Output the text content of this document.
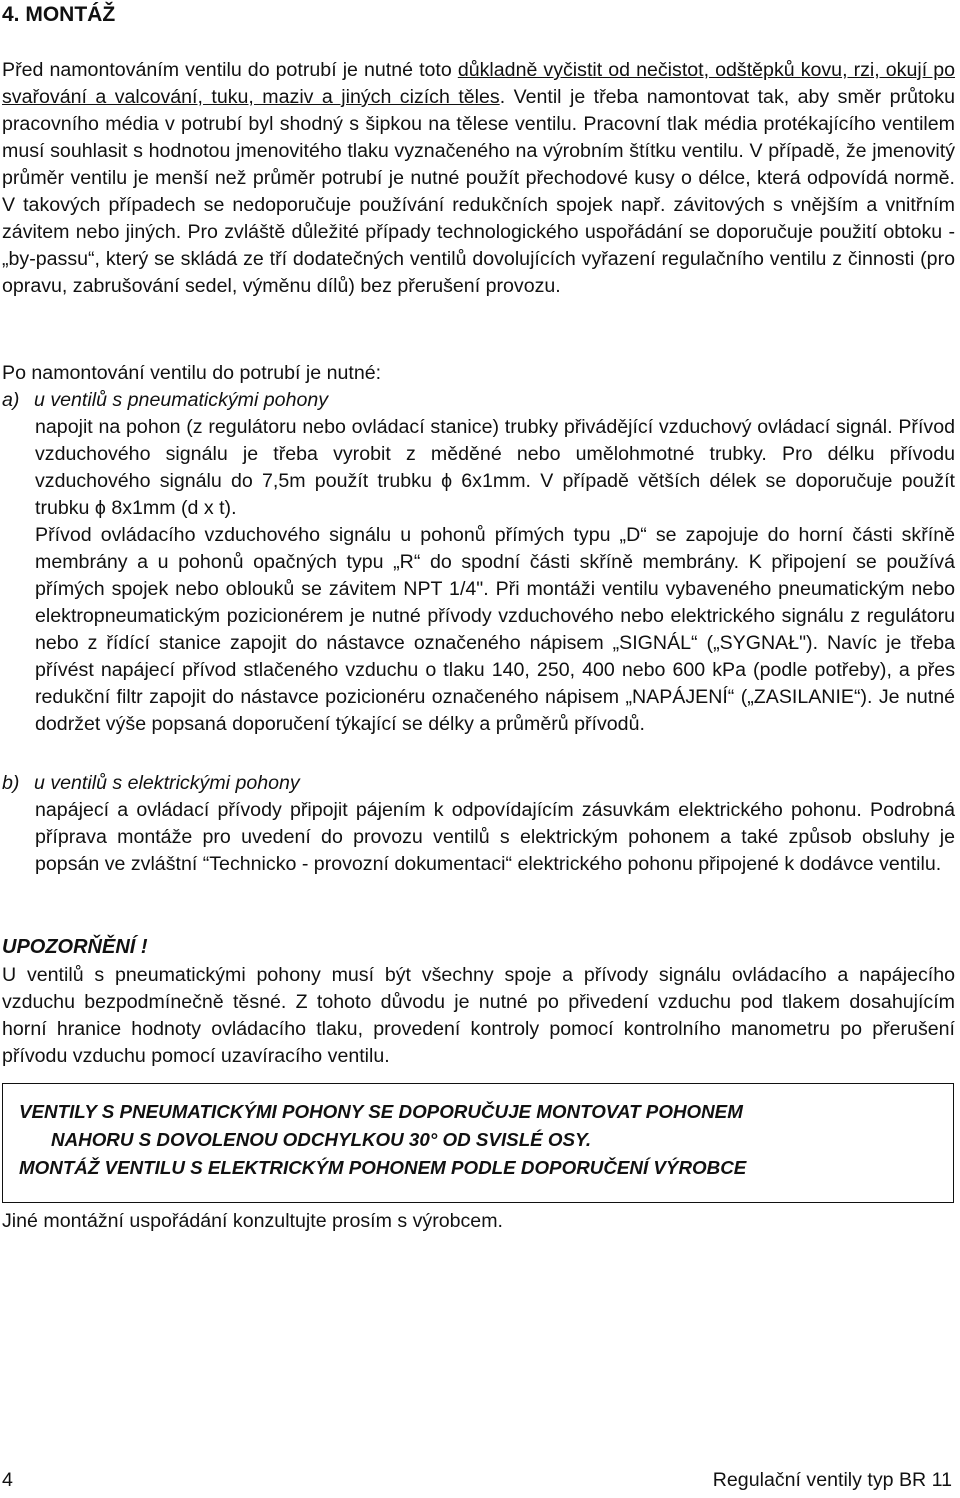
4. MONTÁŽ

Před namontováním ventilu do potrubí je nutné toto důkladně vyčistit od nečistot, odštěpků kovu, rzi, okují po svařování a valcování, tuku, maziv a jiných cizích těles. Ventil je třeba namontovat tak, aby směr průtoku pracovního média v potrubí byl shodný s šipkou na tělese ventilu. Pracovní tlak média protékajícího ventilem musí souhlasit s hodnotou jmenovitého tlaku vyznačeného na výrobním štítku ventilu. V případě, že jmenovitý průměr ventilu je menší než průměr potrubí je nutné použít přechodové kusy o délce, která odpovídá normě. V takových případech se nedoporučuje používání redukčních spojek např. závitových s vnějším a vnitřním závitem nebo jiných. Pro zvláště důležité případy technologického uspořádání se doporučuje použití obtoku - „by-passu“, který se skládá ze tří dodatečných ventilů dovolujících vyřazení regulačního ventilu z činnosti (pro opravu, zabrušování sedel, výměnu dílů) bez přerušení provozu.

Po namontování ventilu do potrubí je nutné:

a) u ventilů s pneumatickými pohony

napojit na pohon (z regulátoru nebo ovládací stanice) trubky přivádějící vzduchový ovládací signál. Přívod vzduchového signálu je třeba vyrobit z měděné nebo umělohmotné trubky. Pro délku přívodu vzduchového signálu do 7,5m použít trubku ϕ 6x1mm. V případě větších délek se doporučuje použít trubku ϕ 8x1mm (d x t).

Přívod ovládacího vzduchového signálu u pohonů přímých typu „D“ se zapojuje do horní části skříně membrány a u pohonů opačných typu „R“ do spodní části skříně membrány. K připojení se používá přímých spojek nebo oblouků se závitem NPT 1/4". Při montáži ventilu vybaveného pneumatickým nebo elektropneumatickým pozicionérem je nutné přívody vzduchového nebo elektrického signálu z regulátoru nebo z řídící stanice zapojit do nástavce označeného nápisem „SIGNÁL“ („SYGNAŁ"). Navíc je třeba přívést napájecí přívod stlačeného vzduchu o tlaku 140, 250, 400 nebo 600 kPa (podle potřeby), a přes redukční filtr zapojit do nástavce pozicionéru označeného nápisem „NAPÁJENÍ“ („ZASILANIE“). Je nutné dodržet výše popsaná doporučení týkající se délky a průměrů přívodů.

b) u ventilů s elektrickými pohony

napájecí a ovládací přívody připojit pájením k odpovídajícím zásuvkám elektrického pohonu. Podrobná příprava montáže pro uvedení do provozu ventilů s elektrickým pohonem a také způsob obsluhy je popsán ve zvláštní “Technicko - provozní dokumentaci“ elektrického pohonu připojené k dodávce ventilu.

UPOZORŇĚNÍ !

U ventilů s pneumatickými pohony musí být všechny spoje a přívody signálu ovládacího a napájecího vzduchu bezpodmínečně těsné. Z tohoto důvodu je nutné po přivedení vzduchu pod tlakem dosahujícím horní hranice hodnoty ovládacího tlaku, provedení kontroly pomocí kontrolního manometru po přerušení přívodu vzduchu pomocí uzavíracího ventilu.

VENTILY S PNEUMATICKÝMI POHONY SE DOPORUČUJE MONTOVAT POHONEM
NAHORU S DOVOLENOU ODCHYLKOU 30° OD SVISLÉ OSY.
MONTÁŽ VENTILU S ELEKTRICKÝM POHONEM PODLE DOPORUČENÍ VÝROBCE

Jiné montážní uspořádání konzultujte prosím s výrobcem.

4	Regulační ventily typ BR 11
